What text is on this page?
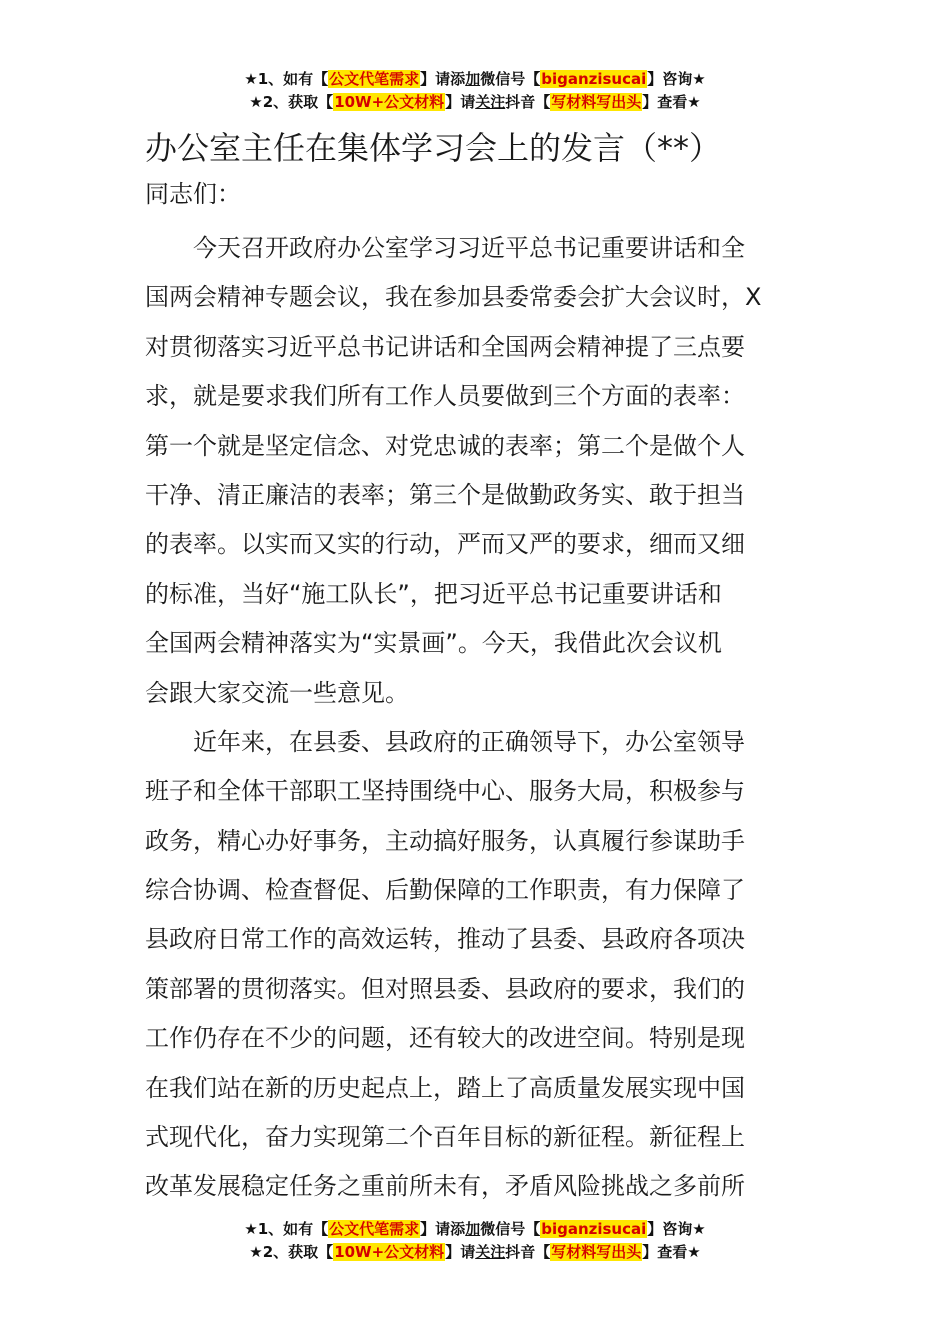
★1、如有【公文代笔需求】请添加微信号【biganzisucai】咨询★
★2、获取【10W+公文材料】请关注抖音【写材料写出头】查看★
办公室主任在集体学习会上的发言（**）
同志们：
今天召开政府办公室学习习近平总书记重要讲话和全
国两会精神专题会议，我在参加县委常委会扩大会议时，X
对贯彻落实习近平总书记讲话和全国两会精神提了三点要
求，就是要求我们所有工作人员要做到三个方面的表率：
第一个就是坚定信念、对党忠诚的表率；第二个是做个人
干净、清正廉洁的表率；第三个是做勤政务实、敢于担当
的表率。以实而又实的行动，严而又严的要求，细而又细
的标准，当好“施工队长”，把习近平总书记重要讲话和
全国两会精神落实为“实景画”。今天，我借此次会议机
会跟大家交流一些意见。
近年来，在县委、县政府的正确领导下，办公室领导
班子和全体干部职工坚持围绕中心、服务大局，积极参与
政务，精心办好事务，主动搞好服务，认真履行参谋助手
综合协调、检查督促、后勤保障的工作职责，有力保障了
县政府日常工作的高效运转，推动了县委、县政府各项决
策部署的贯彻落实。但对照县委、县政府的要求，我们的
工作仍存在不少的问题，还有较大的改进空间。特别是现
在我们站在新的历史起点上，踏上了高质量发展实现中国
式现代化，奋力实现第二个百年目标的新征程。新征程上
改革发展稳定任务之重前所未有，矛盾风险挑战之多前所
★1、如有【公文代笔需求】请添加微信号【biganzisucai】咨询★
★2、获取【10W+公文材料】请关注抖音【写材料写出头】查看★
